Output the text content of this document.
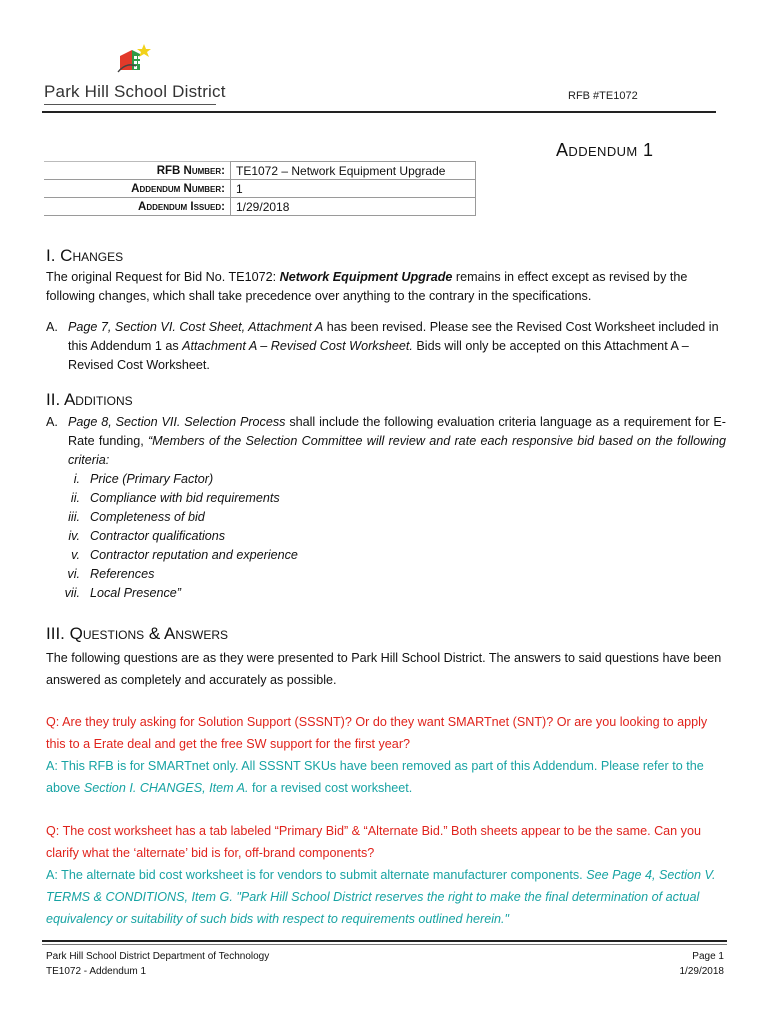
Park Hill School District	RFB #TE1072
Addendum 1
RFB Number:	TE1072 – Network Equipment Upgrade
Addendum Number:	1
Addendum Issued:	1/29/2018
I. Changes
The original Request for Bid No. TE1072: Network Equipment Upgrade remains in effect except as revised by the following changes, which shall take precedence over anything to the contrary in the specifications.
A. Page 7, Section VI. Cost Sheet, Attachment A has been revised. Please see the Revised Cost Worksheet included in this Addendum 1 as Attachment A – Revised Cost Worksheet. Bids will only be accepted on this Attachment A – Revised Cost Worksheet.
II. Additions
A. Page 8, Section VII. Selection Process shall include the following evaluation criteria language as a requirement for E-Rate funding, “Members of the Selection Committee will review and rate each responsive bid based on the following criteria:
i. Price (Primary Factor)
ii. Compliance with bid requirements
iii. Completeness of bid
iv. Contractor qualifications
v. Contractor reputation and experience
vi. References
vii. Local Presence”
III. Questions & Answers
The following questions are as they were presented to Park Hill School District. The answers to said questions have been answered as completely and accurately as possible.
Q: Are they truly asking for Solution Support (SSSNT)? Or do they want SMARTnet (SNT)? Or are you looking to apply this to a Erate deal and get the free SW support for the first year?
A: This RFB is for SMARTnet only. All SSSNT SKUs have been removed as part of this Addendum. Please refer to the above Section I. CHANGES, Item A. for a revised cost worksheet.
Q: The cost worksheet has a tab labeled “Primary Bid” & “Alternate Bid.” Both sheets appear to be the same. Can you clarify what the ‘alternate’ bid is for, off-brand components?
A: The alternate bid cost worksheet is for vendors to submit alternate manufacturer components. See Page 4, Section V. TERMS & CONDITIONS, Item G. "Park Hill School District reserves the right to make the final determination of actual equivalency or suitability of such bids with respect to requirements outlined herein."
Park Hill School District Department of Technology
TE1072 - Addendum 1
Page 1
1/29/2018
